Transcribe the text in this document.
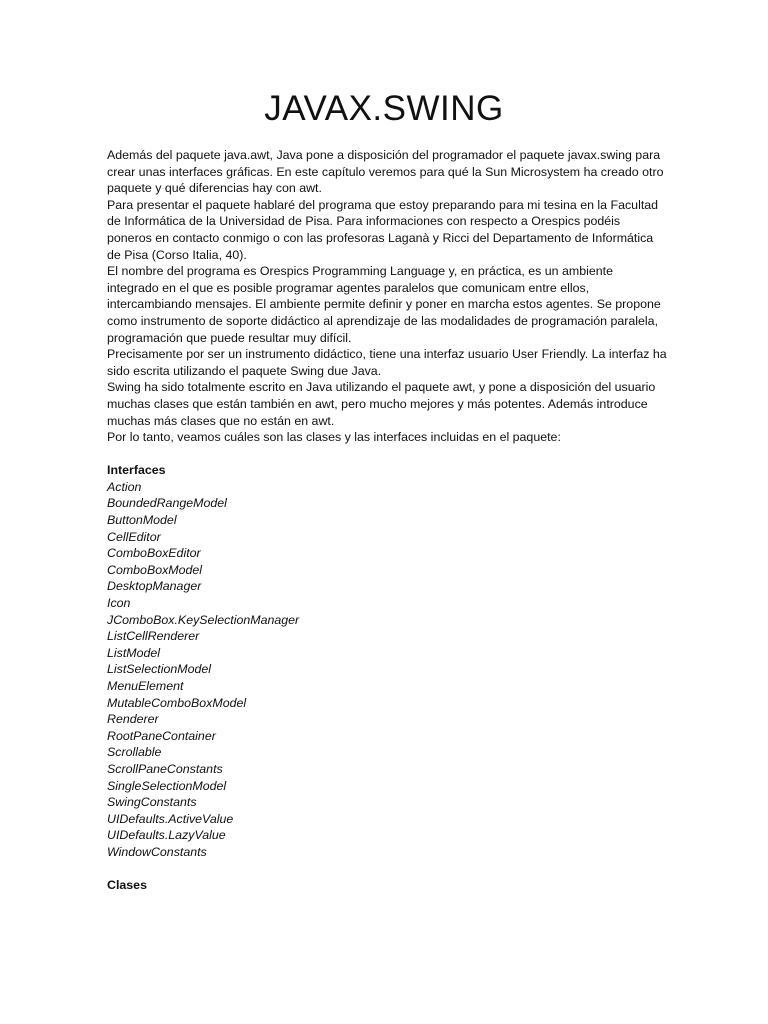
JAVAX.SWING

Además del paquete java.awt, Java pone a disposición del programador el paquete javax.swing para crear unas interfaces gráficas. En este capítulo veremos para qué la Sun Microsystem ha creado otro paquete y qué diferencias hay con awt.

Para presentar el paquete hablaré del programa que estoy preparando para mi tesina en la Facultad de Informática de la Universidad de Pisa. Para informaciones con respecto a Orespics podéis poneros en contacto conmigo o con las profesoras Laganà y Ricci del Departamento de Informática de Pisa (Corso Italia, 40).

El nombre del programa es Orespics Programming Language y, en práctica, es un ambiente integrado en el que es posible programar agentes paralelos que comunicam entre ellos, intercambiando mensajes. El ambiente permite definir y poner en marcha estos agentes. Se propone como instrumento de soporte didáctico al aprendizaje de las modalidades de programación paralela, programación que puede resultar muy difícil.

Precisamente por ser un instrumento didáctico, tiene una interfaz usuario User Friendly. La interfaz ha sido escrita utilizando el paquete Swing due Java.

Swing ha sido totalmente escrito en Java utilizando el paquete awt, y pone a disposición del usuario muchas clases que están también en awt, pero mucho mejores y más potentes. Además introduce muchas más clases que no están en awt.

Por lo tanto, veamos cuáles son las clases y las interfaces incluidas en el paquete:

Interfaces

Action
BoundedRangeModel
ButtonModel
CellEditor
ComboBoxEditor
ComboBoxModel
DesktopManager
Icon
JComboBox.KeySelectionManager
ListCellRenderer
ListModel
ListSelectionModel
MenuElement
MutableComboBoxModel
Renderer
RootPaneContainer
Scrollable
ScrollPaneConstants
SingleSelectionModel
SwingConstants
UIDefaults.ActiveValue
UIDefaults.LazyValue
WindowConstants

Clases
